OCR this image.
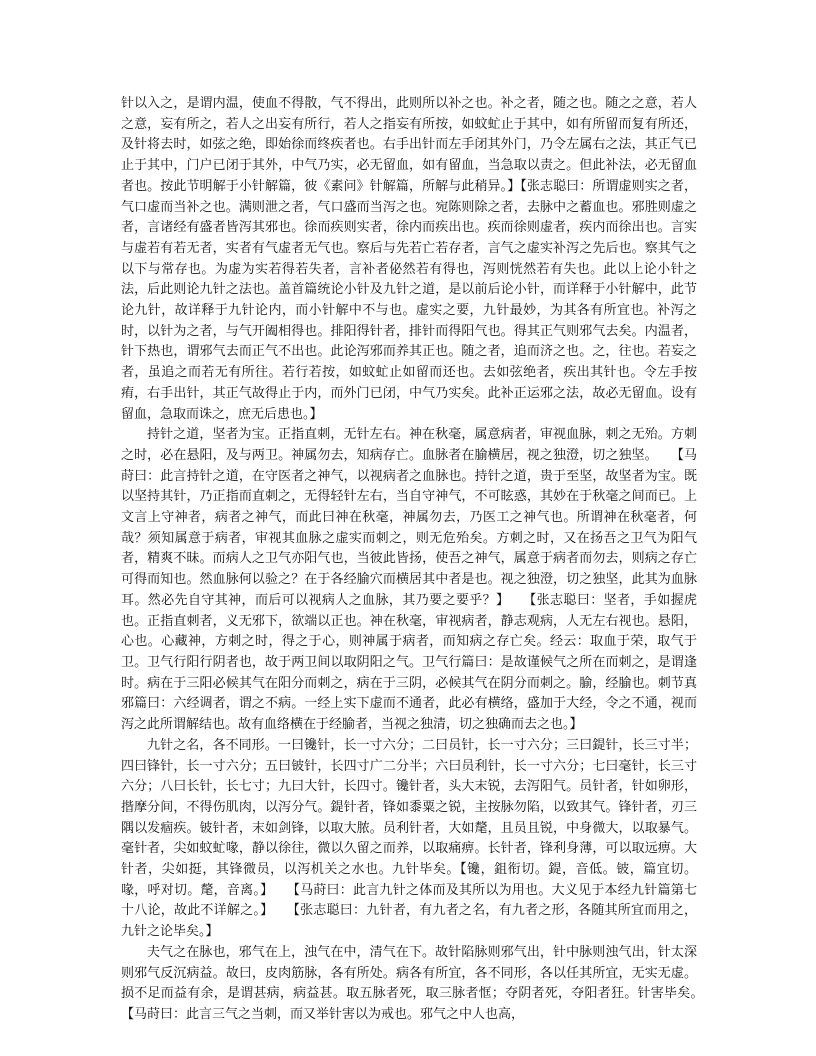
针以入之，是谓内温，使血不得散，气不得出，此则所以补之也。补之者，随之也。随之之意，若人之意，妄有所之，若人之出妄有所行，若人之指妄有所按，如蚊虻止于其中，如有所留而复有所还，及针将去时，如弦之绝，即始徐而终疾者也。右手出针而左手闭其外门，乃令左属右之法，其正气已止于其中，门户已闭于其外，中气乃实，必无留血，如有留血，当急取以责之。但此补法，必无留血者也。按此节明解于小针解篇，彼《素问》针解篇，所解与此稍异。】【张志聪曰：所谓虚则实之者，气口虚而当补之也。满则泄之者，气口盛而当泻之也。宛陈则除之者，去脉中之蓄血也。邪胜则虚之者，言诸经有盛者皆泻其邪也。徐而疾则实者，徐内而疾出也。疾而徐则虚者，疾内而徐出也。言实与虚若有若无者，实者有气虚者无气也。察后与先若亡若存者，言气之虚实补泻之先后也。察其气之以下与常存也。为虚为实若得若失者，言补者佖然若有得也，泻则恍然若有失也。此以上论小针之法，后此则论九针之法也。盖首篇统论小针及九针之道，是以前后论小针，而详释于小针解中，此节论九针，故详释于九针论内，而小针解中不与也。虚实之要，九针最妙，为其各有所宜也。补泻之时，以针为之者，与气开阖相得也。排阳得针者，排针而得阳气也。得其正气则邪气去矣。内温者，针下热也，谓邪气去而正气不出也。此论泻邪而养其正也。随之者，追而济之也。之，往也。若妄之者，虽追之而若无有所往。若行若按，如蚊虻止如留而还也。去如弦绝者，疾出其针也。令左手按痏，右手出针，其正气故得止于内，而外门已闭，中气乃实矣。此补正运邪之法，故必无留血。设有留血，急取而诛之，庶无后患也。】

持针之道，坚者为宝。正指直刺，无针左右。神在秋毫，属意病者，审视血脉，刺之无殆。方刺之时，必在悬阳，及与两卫。神属勿去，知病存亡。血脉者在腧横居，视之独澄，切之独坚。　　【马莳曰：此言持针之道，在守医者之神气，以视病者之血脉也。持针之道，贵于至坚，故坚者为宝。既以坚持其针，乃正指而直刺之，无得轻针左右，当自守神气，不可眩惑，其妙在于秋毫之间而已。上文言上守神者，病者之神气，而此曰神在秋毫，神属勿去，乃医工之神气也。所谓神在秋毫者，何哉？须知属意于病者，审视其血脉之虚实而刺之，则无危殆矣。方刺之时，又在扬吾之卫气为阳气者，精爽不昧。而病人之卫气亦阳气也，当彼此皆扬，使吾之神气，属意于病者而勿去，则病之存亡可得而知也。然血脉何以验之？在于各经腧穴而横居其中者是也。视之独澄，切之独坚，此其为血脉耳。然必先自守其神，而后可以视病人之血脉，其乃要之要乎？】　　【张志聪曰：坚者，手如握虎也。正指直刺者，义无邪下，欲端以正也。神在秋毫，审视病者，静志观病，人无左右视也。悬阳，心也。心藏神，方刺之时，得之于心，则神属于病者，而知病之存亡矣。经云：取血于荣，取气于卫。卫气行阳行阴者也，故于两卫间以取阴阳之气。卫气行篇曰：是故谨候气之所在而刺之，是谓逢时。病在于三阳必候其气在阳分而刺之，病在于三阴，必候其气在阴分而刺之。腧，经腧也。刺节真邪篇曰：六经调者，谓之不病。一经上实下虚而不通者，此必有横络，盛加于大经，令之不通，视而泻之此所谓解结也。故有血络横在于经腧者，当视之独清，切之独确而去之也。】

九针之名，各不同形。一曰镵针，长一寸六分；二曰员针，长一寸六分；三曰鍉针，长三寸半；四曰锋针，长一寸六分；五曰铍针，长四寸广二分半；六曰员利针，长一寸六分；七曰毫针，长三寸六分；八曰长针，长七寸；九曰大针，长四寸。镵针者，头大末锐，去泻阳气。员针者，针如卵形，揩摩分间，不得伤肌肉，以泻分气。鍉针者，锋如黍粟之锐，主按脉勿陷，以致其气。锋针者，刃三隅以发痼疾。铍针者，末如剑锋，以取大脓。员利针者，大如氂，且员且锐，中身微大，以取暴气。毫针者，尖如蚊虻喙，静以徐往，微以久留之而养，以取痛痹。长针者，锋利身薄，可以取远痹。大针者，尖如挺，其锋微员，以泻机关之水也。九针毕矣。【镵，鉏衔切。鍉，音低。铍，篇宜切。喙，呼对切。氂，音离。】　　【马莳曰：此言九针之体而及其所以为用也。大义见于本经九针篇第七十八论，故此不详解之。】　　【张志聪曰：九针者，有九者之名，有九者之形，各随其所宜而用之，九针之论毕矣。】

夫气之在脉也，邪气在上，浊气在中，清气在下。故针陷脉则邪气出，针中脉则浊气出，针太深则邪气反沉病益。故曰，皮肉筋脉，各有所处。病各有所宜，各不同形，各以任其所宜，无实无虚。损不足而益有余，是谓甚病，病益甚。取五脉者死，取三脉者恇；夺阴者死，夺阳者狂。针害毕矣。　　【马莳曰：此言三气之当刺，而又举针害以为戒也。邪气之中人也高，
